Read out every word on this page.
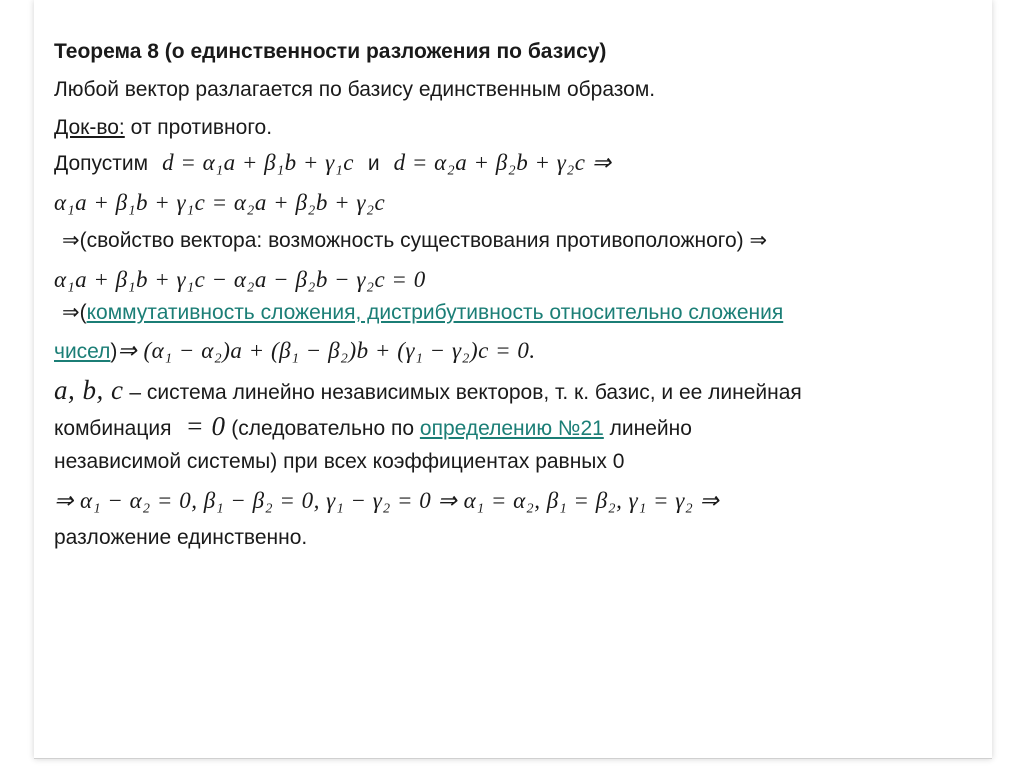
Теорема 8 (о единственности разложения по базису)
Любой вектор разлагается по базису единственным образом.
Док-во: от противного.
Допустим d = α₁a + β₁b + γ₁c и d = α₂a + β₂b + γ₂c ⇒
α₁a + β₁b + γ₁c = α₂a + β₂b + γ₂c
⇒(свойство вектора: возможность существования противоположного) ⇒
α₁a + β₁b + γ₁c − α₂a − β₂b − γ₂c = 0
⇒(коммутативность сложения, дистрибутивность относительно сложения
чисел)⇒ (α₁ − α₂)a + (β₁ − β₂)b + (γ₁ − γ₂)c = 0.
a, b, c – система линейно независимых векторов, т. к. базис, и ее линейная
комбинация = 0 (следовательно по определению №21 линейно
независимой системы) при всех коэффициентах равных 0
⇒ α₁ − α₂ = 0, β₁ − β₂ = 0, γ₁ − γ₂ = 0 ⇒ α₁ = α₂, β₁ = β₂, γ₁ = γ₂ ⇒
разложение единственно.
